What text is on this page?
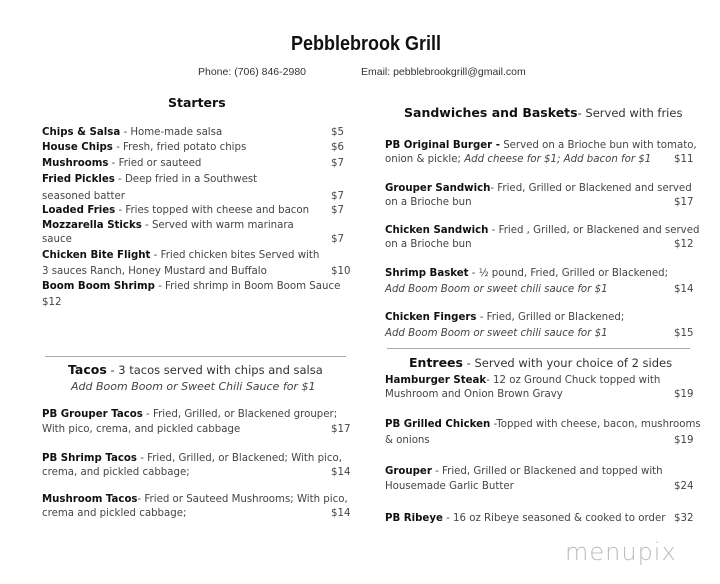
Pebblebrook Grill
Phone: (706) 846-2980	Email: pebblebrookgrill@gmail.com
Starters
Chips & Salsa - Home-made salsa	$5
House Chips - Fresh, fried potato chips	$6
Mushrooms - Fried or sauteed	$7
Fried Pickles - Deep fried in a Southwest
seasoned batter	$7
Loaded Fries - Fries topped with cheese and bacon $7
Mozzarella Sticks - Served with warm marinara
sauce	$7
Chicken Bite Flight - Fried chicken bites Served with
3 sauces Ranch, Honey Mustard and Buffalo	$10
Boom Boom Shrimp - Fried shrimp in Boom Boom Sauce
$12
Tacos - 3 tacos served with chips and salsa
Add Boom Boom or Sweet Chili Sauce for $1
PB Grouper Tacos - Fried, Grilled, or Blackened grouper;
With pico, crema, and pickled cabbage	$17
PB Shrimp Tacos - Fried, Grilled, or Blackened; With pico,
crema, and pickled cabbage;	$14
Mushroom Tacos- Fried or Sauteed Mushrooms; With pico,
crema and pickled cabbage;	$14
Sandwiches and Baskets- Served with fries
PB Original Burger - Served on a Brioche bun with tomato,
onion & pickle; Add cheese for $1; Add bacon for $1 $11
Grouper Sandwich- Fried, Grilled or Blackened and served
on a Brioche bun	$17
Chicken Sandwich - Fried , Grilled, or Blackened and served
on a Brioche bun	$12
Shrimp Basket - ½ pound, Fried, Grilled or Blackened;
Add Boom Boom or sweet chili sauce for $1	$14
Chicken Fingers - Fried, Grilled or Blackened;
Add Boom Boom or sweet chili sauce for $1	$15
Entrees - Served with your choice of 2 sides
Hamburger Steak- 12 oz Ground Chuck topped with
Mushroom and Onion Brown Gravy	$19
PB Grilled Chicken -Topped with cheese, bacon, mushrooms
& onions	$19
Grouper - Fried, Grilled or Blackened and topped with
Housemade Garlic Butter	$24
PB Ribeye - 16 oz Ribeye seasoned & cooked to order $32
menupix
